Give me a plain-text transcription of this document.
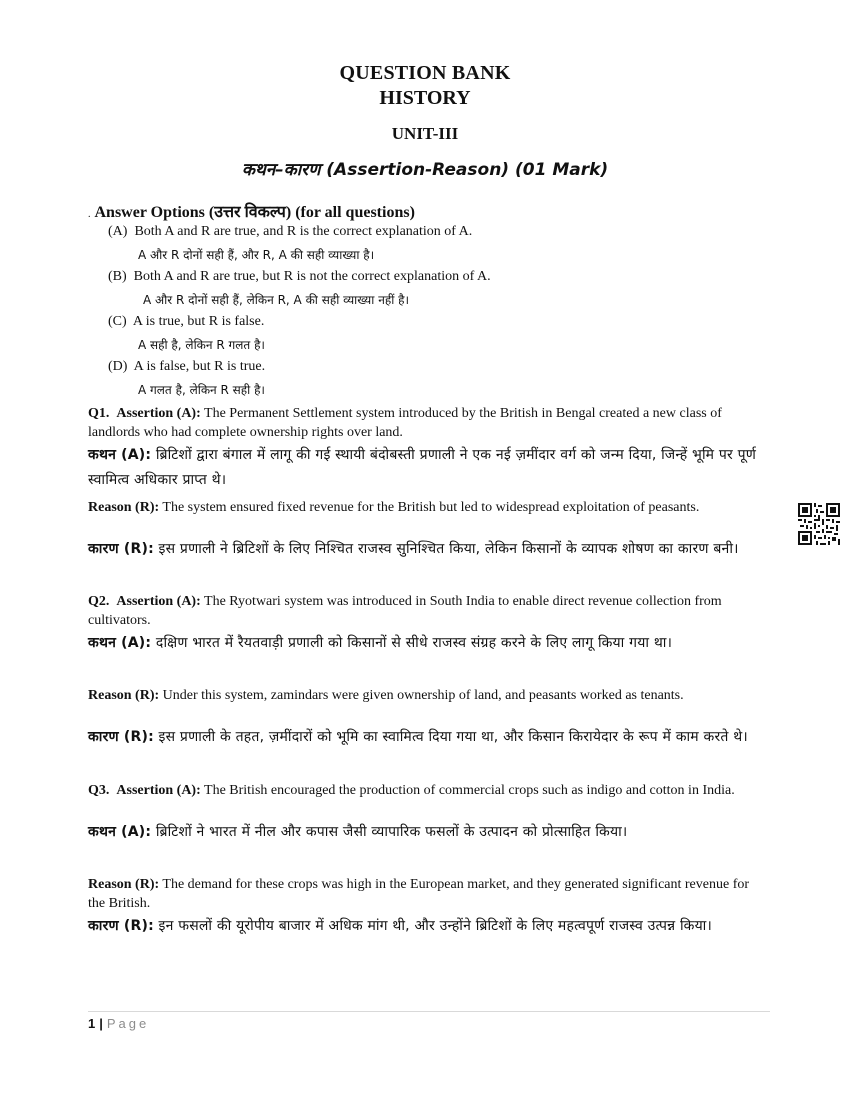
QUESTION BANK
HISTORY
UNIT-III
कथन–कारण (Assertion-Reason) (01 Mark)
. Answer Options (उत्तर विकल्प) (for all questions)
(A) Both A and R are true, and R is the correct explanation of A.
A और R दोनों सही हैं, और R, A की सही व्याख्या है।
(B) Both A and R are true, but R is not the correct explanation of A.
A और R दोनों सही हैं, लेकिन R, A की सही व्याख्या नहीं है।
(C) A is true, but R is false.
A सही है, लेकिन R गलत है।
(D) A is false, but R is true.
A गलत है, लेकिन R सही है।
Q1. Assertion (A): The Permanent Settlement system introduced by the British in Bengal created a new class of landlords who had complete ownership rights over land.
कथन (A): ब्रिटिशों द्वारा बंगाल में लागू की गई स्थायी बंदोबस्ती प्रणाली ने एक नई ज़मींदार वर्ग को जन्म दिया, जिन्हें भूमि पर पूर्ण स्वामित्व अधिकार प्राप्त थे।
Reason (R): The system ensured fixed revenue for the British but led to widespread exploitation of peasants.
कारण (R): इस प्रणाली ने ब्रिटिशों के लिए निश्चित राजस्व सुनिश्चित किया, लेकिन किसानों के व्यापक शोषण का कारण बनी।
Q2. Assertion (A): The Ryotwari system was introduced in South India to enable direct revenue collection from cultivators.
कथन (A): दक्षिण भारत में रैयतवाड़ी प्रणाली को किसानों से सीधे राजस्व संग्रह करने के लिए लागू किया गया था।
Reason (R): Under this system, zamindars were given ownership of land, and peasants worked as tenants.
कारण (R): इस प्रणाली के तहत, ज़मींदारों को भूमि का स्वामित्व दिया गया था, और किसान किरायेदार के रूप में काम करते थे।
Q3. Assertion (A): The British encouraged the production of commercial crops such as indigo and cotton in India.
कथन (A): ब्रिटिशों ने भारत में नील और कपास जैसी व्यापारिक फसलों के उत्पादन को प्रोत्साहित किया।
Reason (R): The demand for these crops was high in the European market, and they generated significant revenue for the British.
कारण (R): इन फसलों की यूरोपीय बाजार में अधिक मांग थी, और उन्होंने ब्रिटिशों के लिए महत्वपूर्ण राजस्व उत्पन्न किया।
1 | Page
